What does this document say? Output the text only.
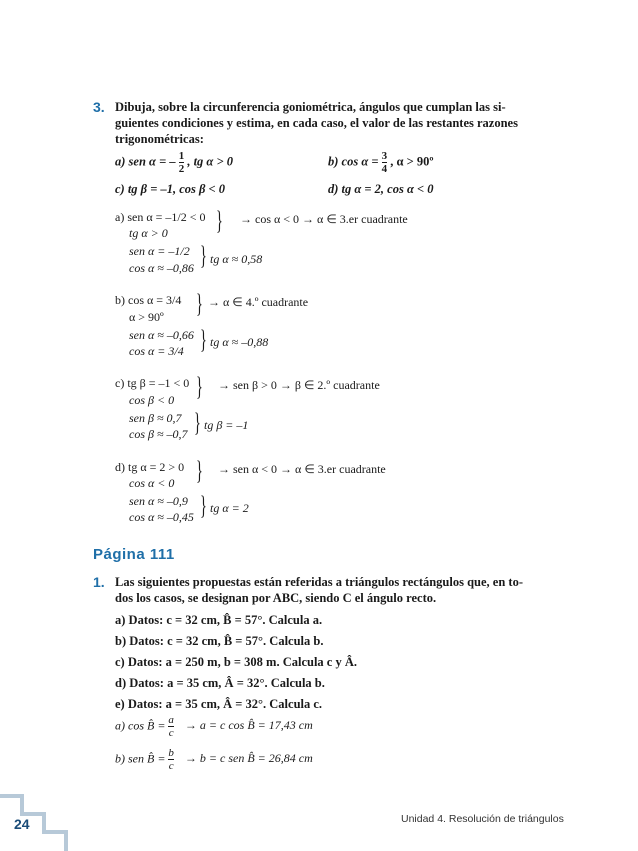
24	Unidad 4. Resolución de triángulos
3. Dibuja, sobre la circunferencia goniométrica, ángulos que cumplan las si-
guientes condiciones y estima, en cada caso, el valor de las restantes razones
trigonométricas:
a) sen α = – $\frac{1}{2}$ , tg α > 0	b) $\cos \alpha = \frac{3}{4}$ , α > 90º
c) tg β = –1, cos β < 0	d) tg α = 2, cos α < 0
a) sen α = –1/2 < 0
tg α > 0 } → cos α < 0 → α ∈ 3.er cuadrante
sen α = –1/2
cos α ≈ –0,86 } tg α ≈ 0,58
b) cos α = 3/4
α > 90º } → α ∈ 4.º cuadrante
sen α ≈ –0,66
cos α = 3/4 } tg α ≈ –0,88
c) tg β = –1 < 0
cos β < 0 } → sen β > 0 → β ∈ 2.º cuadrante
sen β ≈ 0,7
cos β ≈ –0,7 } tg β = –1
d) tg α = 2 > 0
cos α < 0 } → sen α < 0 → α ∈ 3.er cuadrante
sen α ≈ –0,9
cos α ≈ –0,45 } tg α = 2
Página 111
1. Las siguientes propuestas están referidas a triángulos rectángulos que, en to-
dos los casos, se designan por ABC, siendo C el ángulo recto.
a) Datos: c = 32 cm, B̂ = 57°. Calcula a.
b) Datos: c = 32 cm, B̂ = 57°. Calcula b.
c) Datos: a = 250 m, b = 308 m. Calcula c y Â.
d) Datos: a = 35 cm, Â = 32°. Calcula b.
e) Datos: a = 35 cm, Â = 32°. Calcula c.
a) cos B̂ = $\frac{a}{c} \to a = c$ cos B̂ = 17,43 cm
b) sen B̂ = $\frac{b}{c} \to b = c$ sen B̂ = 26,84 cm
